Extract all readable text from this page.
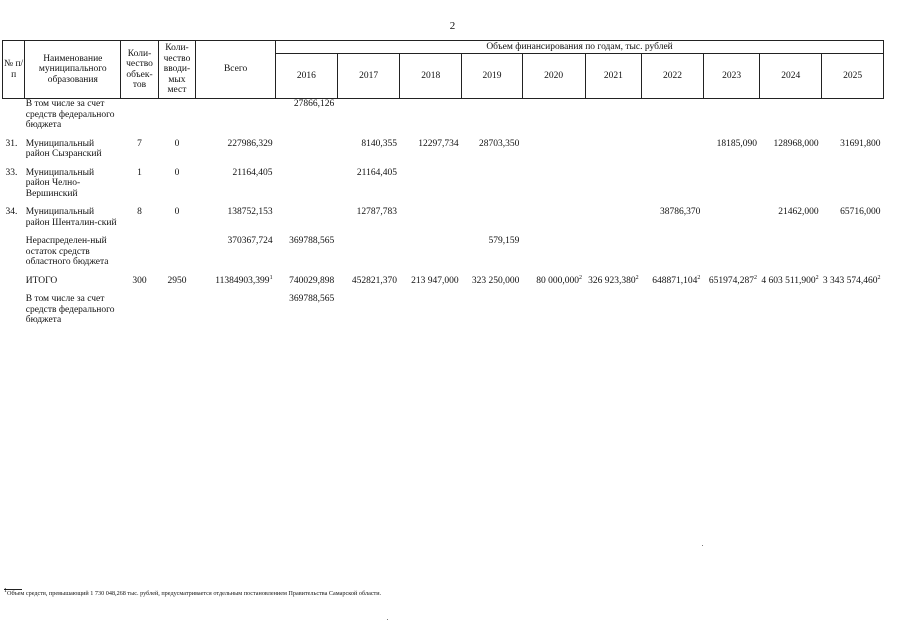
2
№ п/п	Наименование муниципального образования	Коли-чество объек-тов	Коли-чество вводи-мых мест	Всего	Объем финансирования по годам, тыс. рублей									
					2016	2017	2018	2019	2020	2021	2022	2023	2024	2025
	В том числе за счет средств федерального бюджета				27866,126									

31.	Муниципальный район Сызранский	7	0	227986,329		8140,355	12297,734	28703,350				18185,090	128968,000	31691,800

33.	Муниципальный район Челно-Вершинский	1	0	21164,405		21164,405								

34.	Муниципальный район Шенталин-ский	8	0	138752,153		12787,783					38786,370		21462,000	65716,000

	Нераспределен-ный остаток средств областного бюджета			370367,724	369788,565			579,159						

	ИТОГО	300	2950	11384903,399$^1$	740029,898	452821,370	213 947,000	323 250,000	80 000,000$^2$	326 923,380$^2$	648871,104$^2$	651974,287$^2$	4 603 511,900$^2$	3 343 574,460$^2$

	В том числе за счет средств федерального бюджета				369788,565									
$^1$Объем средств, превышающий 1 730 048,268 тыс. рублей, предусматривается отдельным постановлением Правительства Самарской области.
